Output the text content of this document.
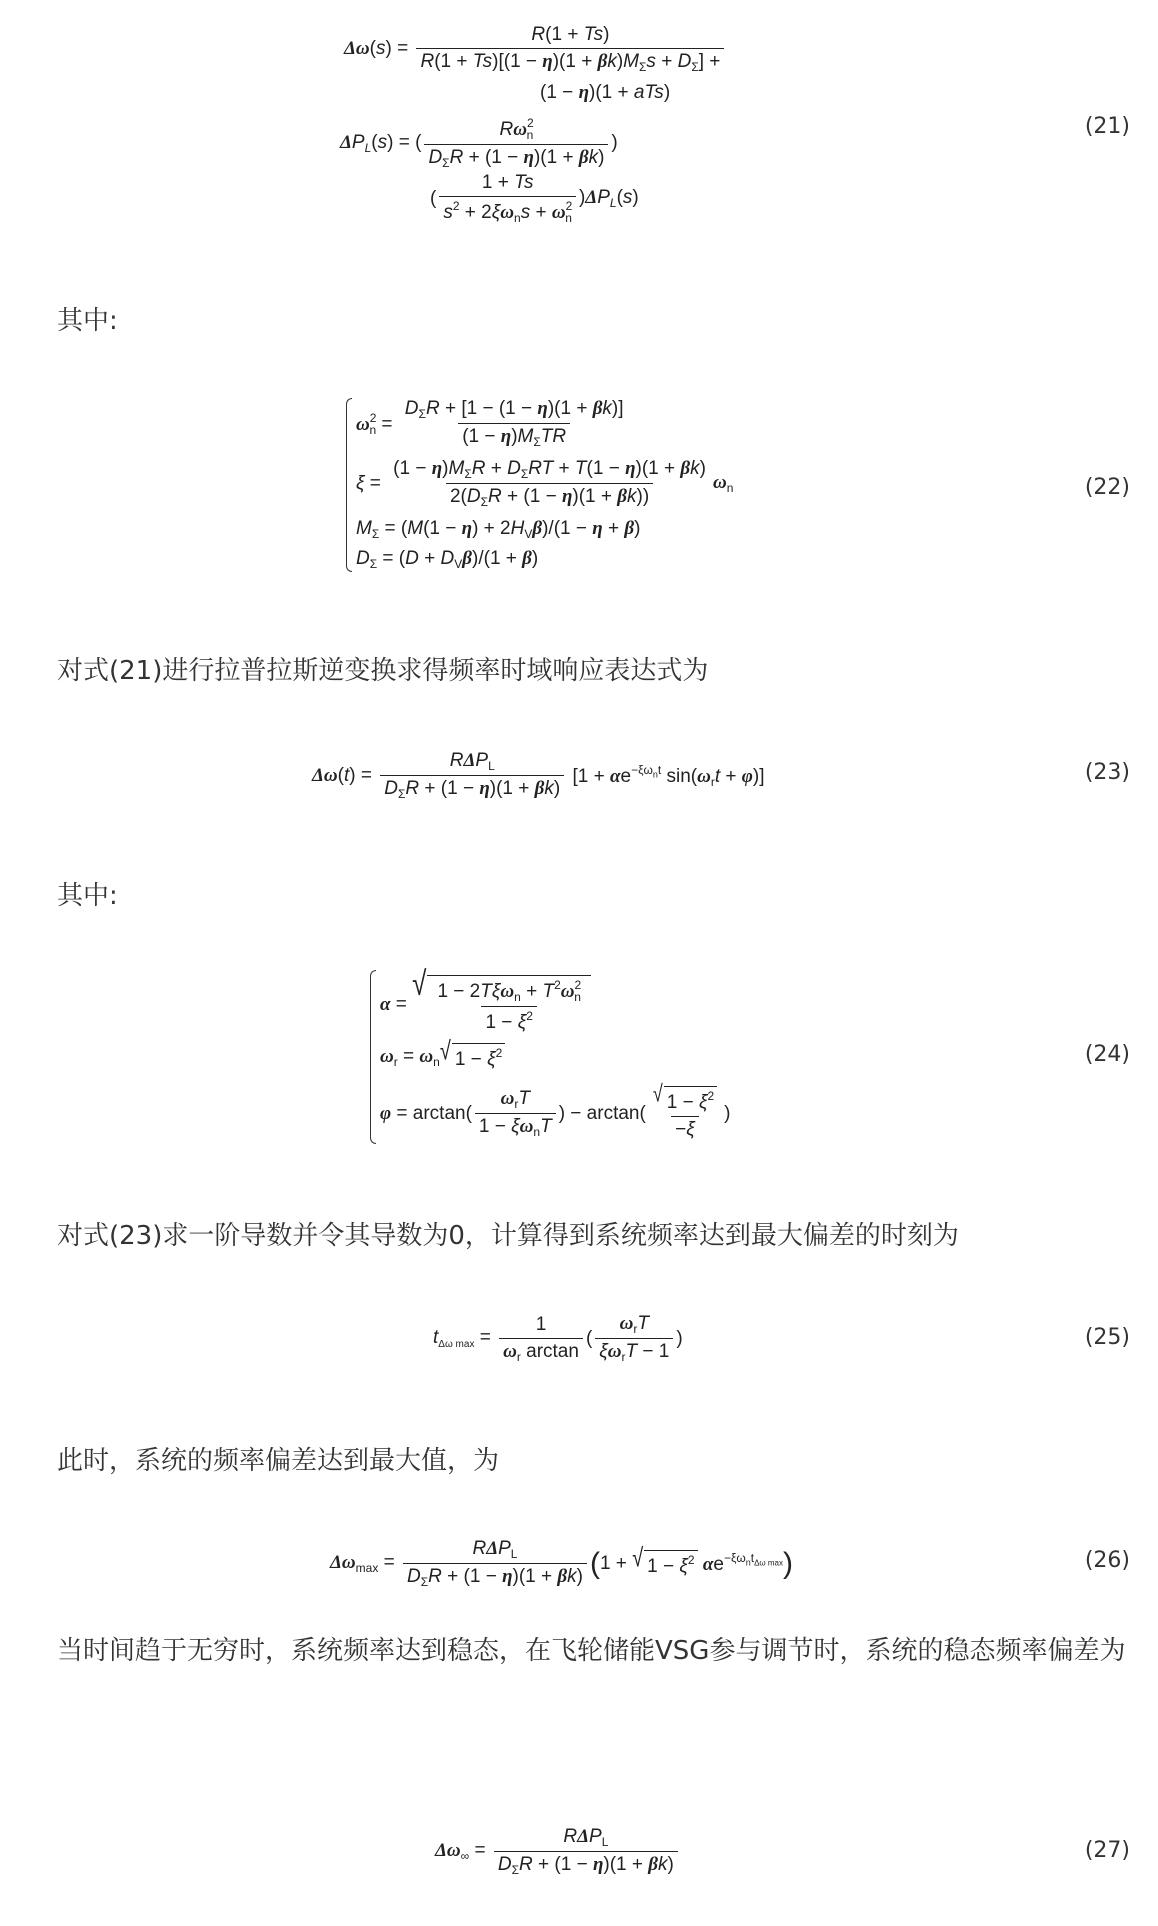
$\Delta\omega(s) = \frac{R(1 + Ts)}{R(1 + Ts)[(1 - \eta)(1 + \beta k)M_\Sigma s + D_\Sigma] +}$
(1 − η)(1 + aTs)
$\Delta P_L(s)$ = ( $\frac{R\omega^2_n}{D_\Sigma R + (1 - \eta)(1 + \beta k)}$ )
( $\frac{1 + Ts}{s^2 + 2\xi\omega_ns + \omega^2_n} )\Delta P_L(s)$
(21)
其中:
$\omega^2_n = \frac{D_\Sigma R + [1 - (1 - \eta)(1 + \beta k)]}{(1 - \eta)M_\Sigma TR}$
$\xi = \frac{(1 - \eta)M_\Sigma R + D_\Sigma RT + T(1 - \eta)(1 + \beta k)}{2(D_\Sigma R + (1 - \eta)(1 + \beta k))} \omega_n$
$M_\Sigma = (M(1 - \eta) + 2H_V\beta)/(1 - \eta + \beta)$
$D_\Sigma = (D + D_V\beta)/(1 + \beta)$
(22)
对式(21)进行拉普拉斯逆变换求得频率时域响应表达式为
$\Delta\omega(t) = \frac{R\Delta P_L}{D_\Sigma R + (1 - \eta)(1 + \beta k)} [1 + \alpha e^{-\xi\omega_nt}$ $\sin(\omega_rt + \varphi)$]	(23)
其中:
α =
√ $\frac{1 - 2T\xi\omega_n + T^2\omega^2_n}{1 - \xi^2}$
$\omega_r = \omega_n$ √ $1 - \xi^2$
$\varphi = \arctan( \frac{\omega_rT}{1 - \xi\omega_nT}$ ) − $\arctan( \frac{√ 1 - \xi^2}{-\xi}$ )
(24)
对式(23)求一阶导数并令其导数为0，计算得到系统频率达到最大偏差的时刻为
$t_{\Delta\omega max} = \frac{1}{\omega_r \arctan}$ ( $\frac{\omega_rT}{\xi\omega_rT - 1}$ )	(25)
此时，系统的频率偏差达到最大值，为
$\Delta\omega_{max} = \frac{R\Delta P_L}{D_\Sigma R + (1 - \eta)(1 + \beta k)}$ ( 1 + √ $1 - \xi^2$ $\alpha e^{-\xi\omega_nt_{\Delta\omega max}}$ )	(26)
当时间趋于无穷时，系统频率达到稳态，在飞轮储能VSG参与调节时，系统的稳态频率偏差为
$\Delta\omega_\infty = \frac{R\Delta P_L}{D_\Sigma R + (1 - \eta)(1 + \beta k)}$	(27)
